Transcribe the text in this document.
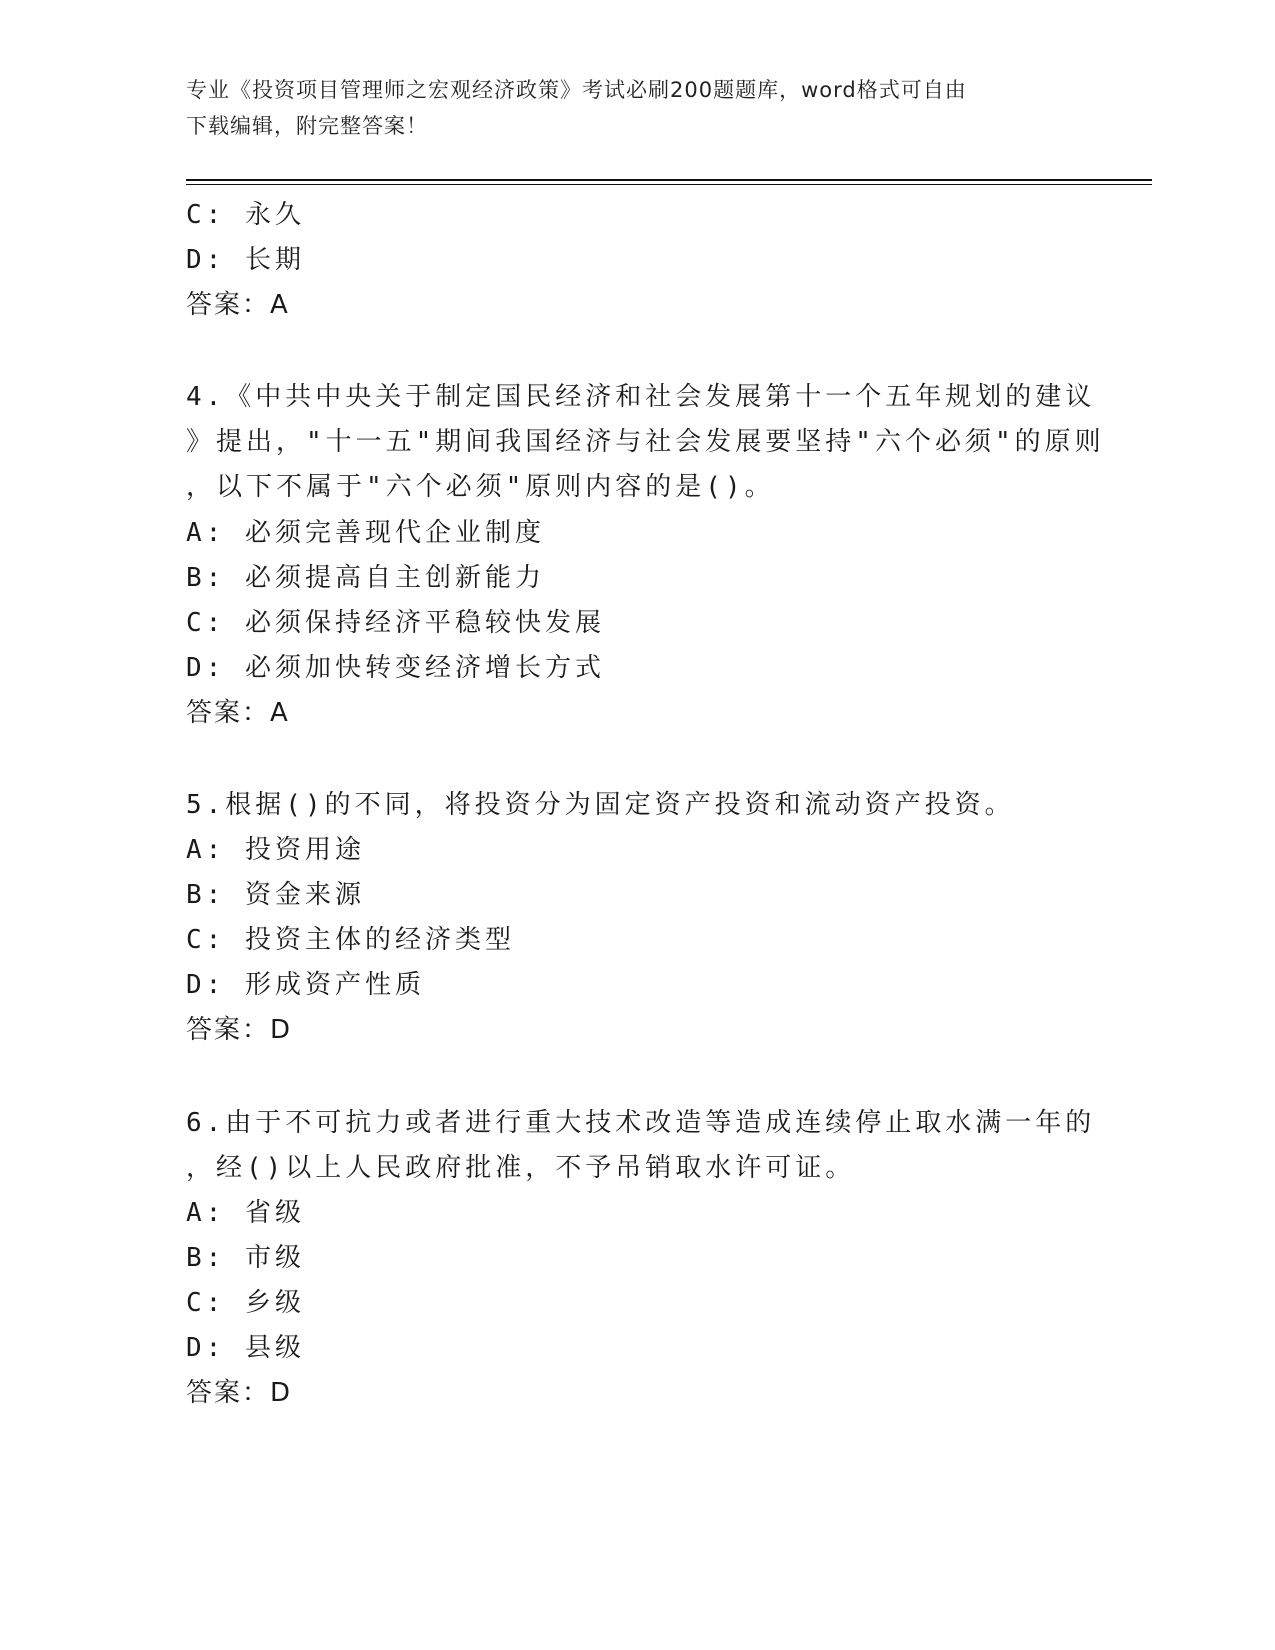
专业《投资项目管理师之宏观经济政策》考试必刷200题题库，word格式可自由
下载编辑，附完整答案！
C: 永久
D: 长期
答案：A
4.《中共中央关于制定国民经济和社会发展第十一个五年规划的建议
》提出，"十一五"期间我国经济与社会发展要坚持"六个必须"的原则
，以下不属于"六个必须"原则内容的是()。
A: 必须完善现代企业制度
B: 必须提高自主创新能力
C: 必须保持经济平稳较快发展
D: 必须加快转变经济增长方式
答案：A
5.根据()的不同，将投资分为固定资产投资和流动资产投资。
A: 投资用途
B: 资金来源
C: 投资主体的经济类型
D: 形成资产性质
答案：D
6.由于不可抗力或者进行重大技术改造等造成连续停止取水满一年的
，经()以上人民政府批准，不予吊销取水许可证。
A: 省级
B: 市级
C: 乡级
D: 县级
答案：D
